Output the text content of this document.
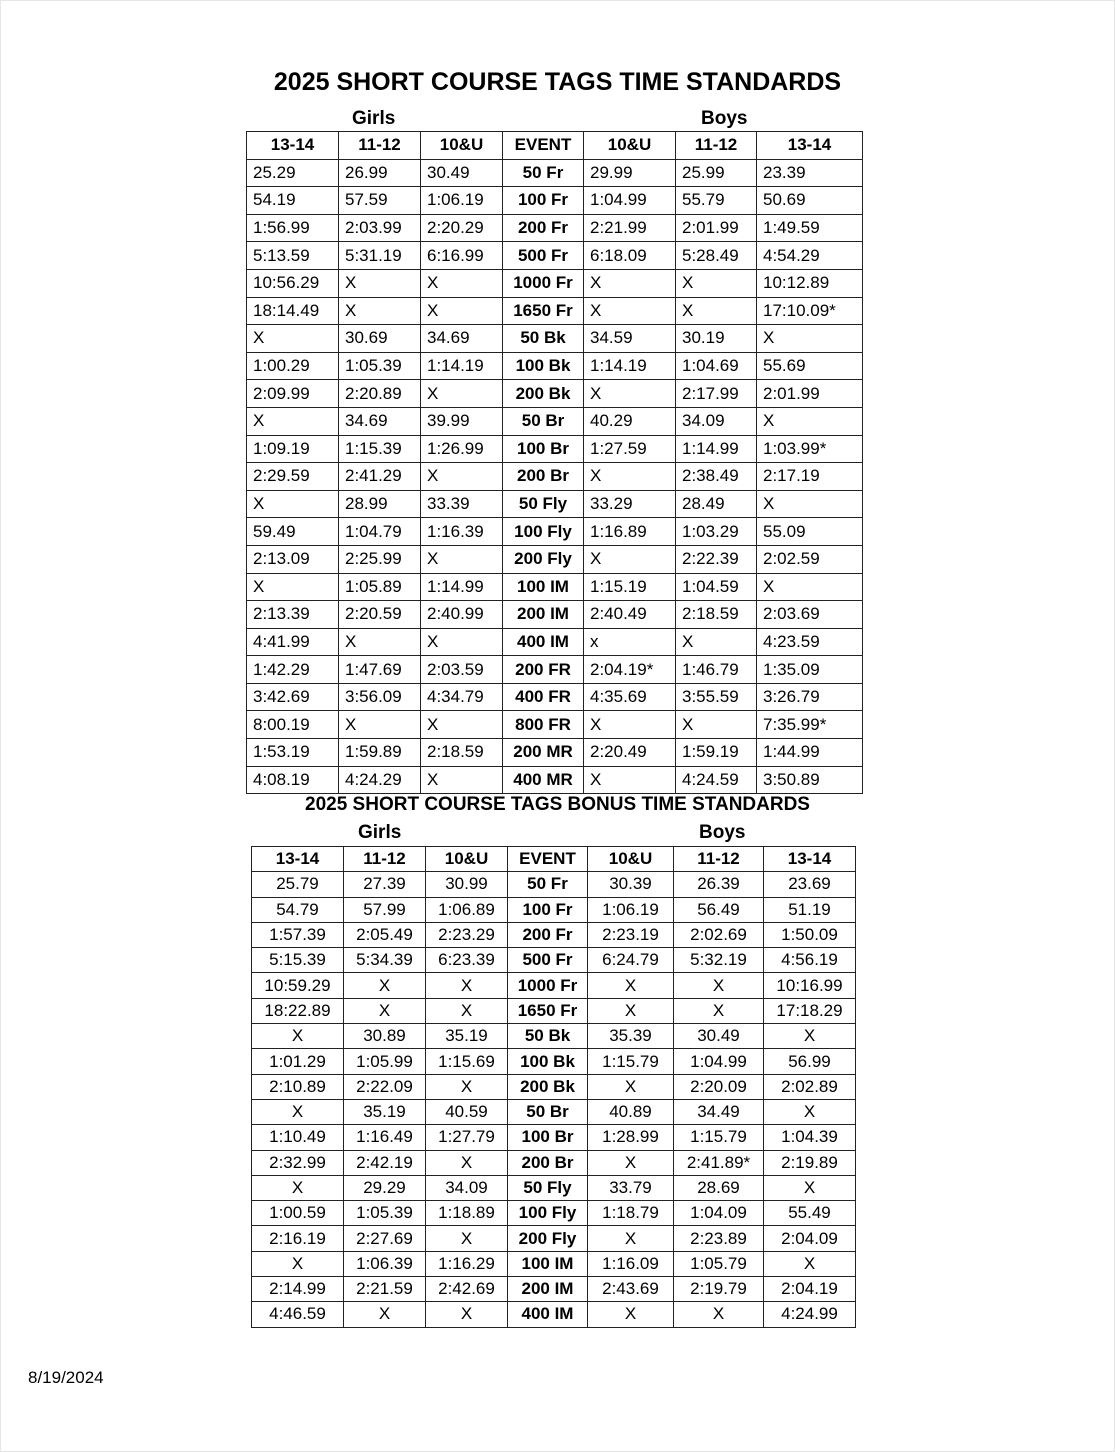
2025 SHORT COURSE TAGS TIME STANDARDS
Girls	Boys
13-14	11-12	10&U	EVENT	10&U	11-12	13-14
25.29	26.99	30.49	50 Fr	29.99	25.99	23.39
54.19	57.59	1:06.19	100 Fr	1:04.99	55.79	50.69
1:56.99	2:03.99	2:20.29	200 Fr	2:21.99	2:01.99	1:49.59
5:13.59	5:31.19	6:16.99	500 Fr	6:18.09	5:28.49	4:54.29
10:56.29	X	X	1000 Fr	X	X	10:12.89
18:14.49	X	X	1650 Fr	X	X	17:10.09*
X	30.69	34.69	50 Bk	34.59	30.19	X
1:00.29	1:05.39	1:14.19	100 Bk	1:14.19	1:04.69	55.69
2:09.99	2:20.89	X	200 Bk	X	2:17.99	2:01.99
X	34.69	39.99	50 Br	40.29	34.09	X
1:09.19	1:15.39	1:26.99	100 Br	1:27.59	1:14.99	1:03.99*
2:29.59	2:41.29	X	200 Br	X	2:38.49	2:17.19
X	28.99	33.39	50 Fly	33.29	28.49	X
59.49	1:04.79	1:16.39	100 Fly	1:16.89	1:03.29	55.09
2:13.09	2:25.99	X	200 Fly	X	2:22.39	2:02.59
X	1:05.89	1:14.99	100 IM	1:15.19	1:04.59	X
2:13.39	2:20.59	2:40.99	200 IM	2:40.49	2:18.59	2:03.69
4:41.99	X	X	400 IM	x	X	4:23.59
1:42.29	1:47.69	2:03.59	200 FR	2:04.19*	1:46.79	1:35.09
3:42.69	3:56.09	4:34.79	400 FR	4:35.69	3:55.59	3:26.79
8:00.19	X	X	800 FR	X	X	7:35.99*
1:53.19	1:59.89	2:18.59	200 MR	2:20.49	1:59.19	1:44.99
4:08.19	4:24.29	X	400 MR	X	4:24.59	3:50.89
2025 SHORT COURSE TAGS BONUS TIME STANDARDS
Girls	Boys
13-14	11-12	10&U	EVENT	10&U	11-12	13-14
25.79	27.39	30.99	50 Fr	30.39	26.39	23.69
54.79	57.99	1:06.89	100 Fr	1:06.19	56.49	51.19
1:57.39	2:05.49	2:23.29	200 Fr	2:23.19	2:02.69	1:50.09
5:15.39	5:34.39	6:23.39	500 Fr	6:24.79	5:32.19	4:56.19
10:59.29	X	X	1000 Fr	X	X	10:16.99
18:22.89	X	X	1650 Fr	X	X	17:18.29
X	30.89	35.19	50 Bk	35.39	30.49	X
1:01.29	1:05.99	1:15.69	100 Bk	1:15.79	1:04.99	56.99
2:10.89	2:22.09	X	200 Bk	X	2:20.09	2:02.89
X	35.19	40.59	50 Br	40.89	34.49	X
1:10.49	1:16.49	1:27.79	100 Br	1:28.99	1:15.79	1:04.39
2:32.99	2:42.19	X	200 Br	X	2:41.89*	2:19.89
X	29.29	34.09	50 Fly	33.79	28.69	X
1:00.59	1:05.39	1:18.89	100 Fly	1:18.79	1:04.09	55.49
2:16.19	2:27.69	X	200 Fly	X	2:23.89	2:04.09
X	1:06.39	1:16.29	100 IM	1:16.09	1:05.79	X
2:14.99	2:21.59	2:42.69	200 IM	2:43.69	2:19.79	2:04.19
4:46.59	X	X	400 IM	X	X	4:24.99
8/19/2024
